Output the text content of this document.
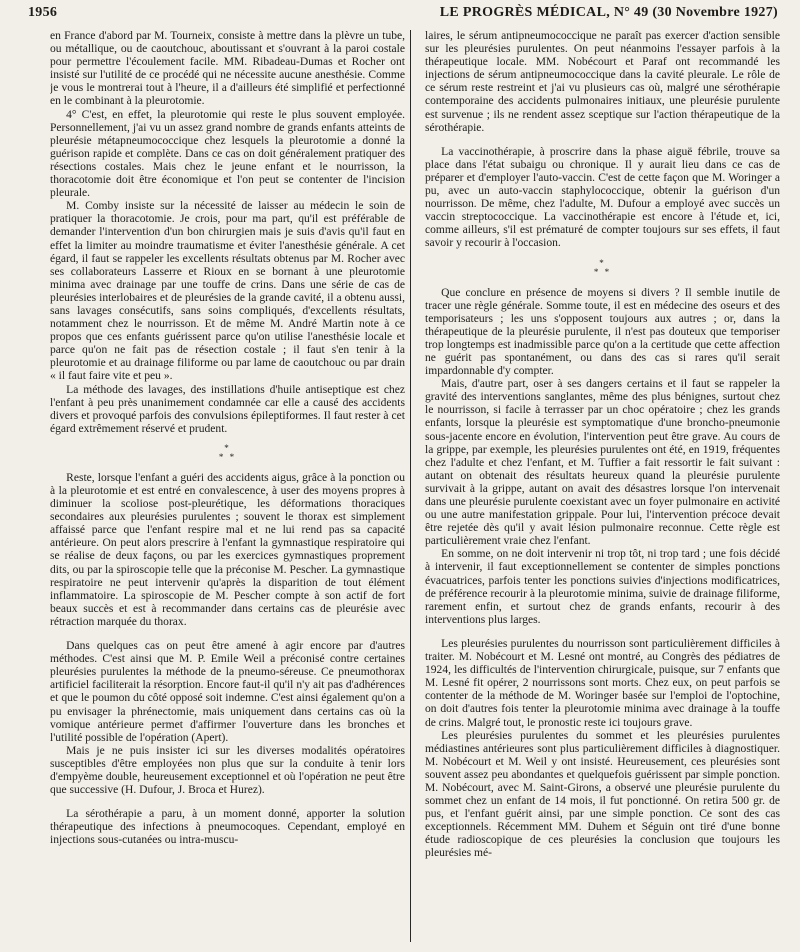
1956	LE PROGRÈS MÉDICAL, N° 49 (30 Novembre 1927)

en France d'abord par M. Tourneix, consiste à mettre dans la plèvre un tube, ou métallique, ou de caoutchouc, aboutissant et s'ouvrant à la paroi costale pour permettre l'écoulement facile. MM. Ribadeau-Dumas et Rocher ont insisté sur l'utilité de ce procédé qui ne nécessite aucune anesthésie. Comme je vous le montrerai tout à l'heure, il a d'ailleurs été simplifié et perfectionné en le combinant à la pleurotomie.

4° C'est, en effet, la pleurotomie qui reste le plus souvent employée. Personnellement, j'ai vu un assez grand nombre de grands enfants atteints de pleurésie métapneumococcique chez lesquels la pleurotomie a donné la guérison rapide et complète. Dans ce cas on doit généralement pratiquer des résections costales. Mais chez le jeune enfant et le nourrisson, la thoracotomie doit être économique et l'on peut se contenter de l'incision pleurale.

M. Comby insiste sur la nécessité de laisser au médecin le soin de pratiquer la thoracotomie. Je crois, pour ma part, qu'il est préférable de demander l'intervention d'un bon chirurgien mais je suis d'avis qu'il faut en effet la limiter au moindre traumatisme et éviter l'anesthésie générale. A cet égard, il faut se rappeler les excellents résultats obtenus par M. Rocher avec ses collaborateurs Lasserre et Rioux en se bornant à une pleurotomie minima avec drainage par une touffe de crins. Dans une série de cas de pleurésies interlobaires et de pleurésies de la grande cavité, il a obtenu aussi, sans lavages consécutifs, sans soins compliqués, d'excellents résultats, notamment chez le nourrisson. Et de même M. André Martin note à ce propos que ces enfants guérissent parce qu'on utilise l'anesthésie locale et parce qu'on ne fait pas de résection costale ; il faut s'en tenir à la pleurotomie et au drainage filiforme ou par lame de caoutchouc ou par drain « il faut faire vite et peu ».

La méthode des lavages, des instillations d'huile antiseptique est chez l'enfant à peu près unanimement condamnée car elle a causé des accidents divers et provoqué parfois des convulsions épileptiformes. Il faut rester à cet égard extrêmement réservé et prudent.

*
* *

Reste, lorsque l'enfant a guéri des accidents aigus, grâce à la ponction ou à la pleurotomie et est entré en convalescence, à user des moyens propres à diminuer la scoliose post-pleurétique, les déformations thoraciques secondaires aux pleurésies purulentes ; souvent le thorax est simplement affaissé parce que l'enfant respire mal et ne lui rend pas sa capacité antérieure. On peut alors prescrire à l'enfant la gymnastique respiratoire qui se réalise de deux façons, ou par les exercices gymnastiques proprement dits, ou par la spiroscopie telle que la préconise M. Pescher. La gymnastique respiratoire ne peut intervenir qu'après la disparition de tout élément inflammatoire. La spiroscopie de M. Pescher compte à son actif de fort beaux succès et est à recommander dans certains cas de pleurésie avec rétraction marquée du thorax.

Dans quelques cas on peut être amené à agir encore par d'autres méthodes. C'est ainsi que M. P. Emile Weil a préconisé contre certaines pleurésies purulentes la méthode de la pneumo-séreuse. Ce pneumothorax artificiel faciliterait la résorption. Encore faut-il qu'il n'y ait pas d'adhérences et que le poumon du côté opposé soit indemne. C'est ainsi également qu'on a pu envisager la phrénectomie, mais uniquement dans certains cas où la vomique antérieure permet d'affirmer l'ouverture dans les bronches et l'utilité possible de l'opération (Apert).

Mais je ne puis insister ici sur les diverses modalités opératoires susceptibles d'être employées non plus que sur la conduite à tenir lors d'empyème double, heureusement exceptionnel et où l'opération ne peut être que successive (H. Dufour, J. Broca et Hurez).

La sérothérapie a paru, à un moment donné, apporter la solution thérapeutique des infections à pneumocoques. Cependant, employé en injections sous-cutanées ou intra-muscu-

laires, le sérum antipneumococcique ne paraît pas exercer d'action sensible sur les pleurésies purulentes. On peut néanmoins l'essayer parfois à la thérapeutique locale. MM. Nobécourt et Paraf ont recommandé les injections de sérum antipneumococcique dans la cavité pleurale. Le rôle de ce sérum reste restreint et j'ai vu plusieurs cas où, malgré une sérothérapie contemporaine des accidents pulmonaires initiaux, une pleurésie purulente est survenue ; ils ne rendent assez sceptique sur l'action thérapeutique de la sérothérapie.

La vaccinothérapie, à proscrire dans la phase aiguë fébrile, trouve sa place dans l'état subaigu ou chronique. Il y aurait lieu dans ce cas de préparer et d'employer l'auto-vaccin. C'est de cette façon que M. Woringer a pu, avec un auto-vaccin staphylococcique, obtenir la guérison d'un nourrisson. De même, chez l'adulte, M. Dufour a employé avec succès un vaccin streptococcique. La vaccinothérapie est encore à l'étude et, ici, comme ailleurs, s'il est prématuré de compter toujours sur ses effets, il faut savoir y recourir à l'occasion.

*
* *

Que conclure en présence de moyens si divers ? Il semble inutile de tracer une règle générale. Somme toute, il est en médecine des oseurs et des temporisateurs ; les uns s'opposent toujours aux autres ; or, dans la thérapeutique de la pleurésie purulente, il n'est pas douteux que temporiser trop longtemps est inadmissible parce qu'on a la certitude que cette affection ne guérit pas spontanément, ou dans des cas si rares qu'il serait impardonnable d'y compter.

Mais, d'autre part, oser à ses dangers certains et il faut se rappeler la gravité des interventions sanglantes, même des plus bénignes, surtout chez le nourrisson, si facile à terrasser par un choc opératoire ; chez les grands enfants, lorsque la pleurésie est symptomatique d'une broncho-pneumonie sous-jacente encore en évolution, l'intervention peut être grave. Au cours de la grippe, par exemple, les pleurésies purulentes ont été, en 1919, fréquentes chez l'adulte et chez l'enfant, et M. Tuffier a fait ressortir le fait suivant : autant on obtenait des résultats heureux quand la pleurésie purulente survivait à la grippe, autant on avait des désastres lorsque l'on intervenait dans une pleurésie purulente coexistant avec un foyer pulmonaire en activité ou une autre manifestation grippale. Pour lui, l'intervention précoce devait être rejetée dès qu'il y avait lésion pulmonaire reconnue. Cette règle est particulièrement vraie chez l'enfant.

En somme, on ne doit intervenir ni trop tôt, ni trop tard ; une fois décidé à intervenir, il faut exceptionnellement se contenter de simples ponctions évacuatrices, parfois tenter les ponctions suivies d'injections modificatrices, de préférence recourir à la pleurotomie minima, suivie de drainage filiforme, rarement enfin, et surtout chez de grands enfants, recourir à des interventions plus larges.

Les pleurésies purulentes du nourrisson sont particulièrement difficiles à traiter. M. Nobécourt et M. Lesné ont montré, au Congrès des pédiatres de 1924, les difficultés de l'intervention chirurgicale, puisque, sur 7 enfants que M. Lesné fit opérer, 2 nourrissons sont morts. Chez eux, on peut parfois se contenter de la méthode de M. Woringer basée sur l'emploi de l'optochine, on doit d'autres fois tenter la pleurotomie minima avec drainage à la touffe de crins. Malgré tout, le pronostic reste ici toujours grave.

Les pleurésies purulentes du sommet et les pleurésies purulentes médiastines antérieures sont plus particulièrement difficiles à diagnostiquer. M. Nobécourt et M. Weil y ont insisté. Heureusement, ces pleurésies sont souvent assez peu abondantes et quelquefois guérissent par simple ponction. M. Nobécourt, avec M. Saint-Girons, a observé une pleurésie purulente du sommet chez un enfant de 14 mois, il fut ponctionné. On retira 500 gr. de pus, et l'enfant guérit ainsi, par une simple ponction. Ce sont des cas exceptionnels. Récemment MM. Duhem et Séguin ont tiré d'une bonne étude radioscopique de ces pleurésies la conclusion que toujours les pleurésies mé-
